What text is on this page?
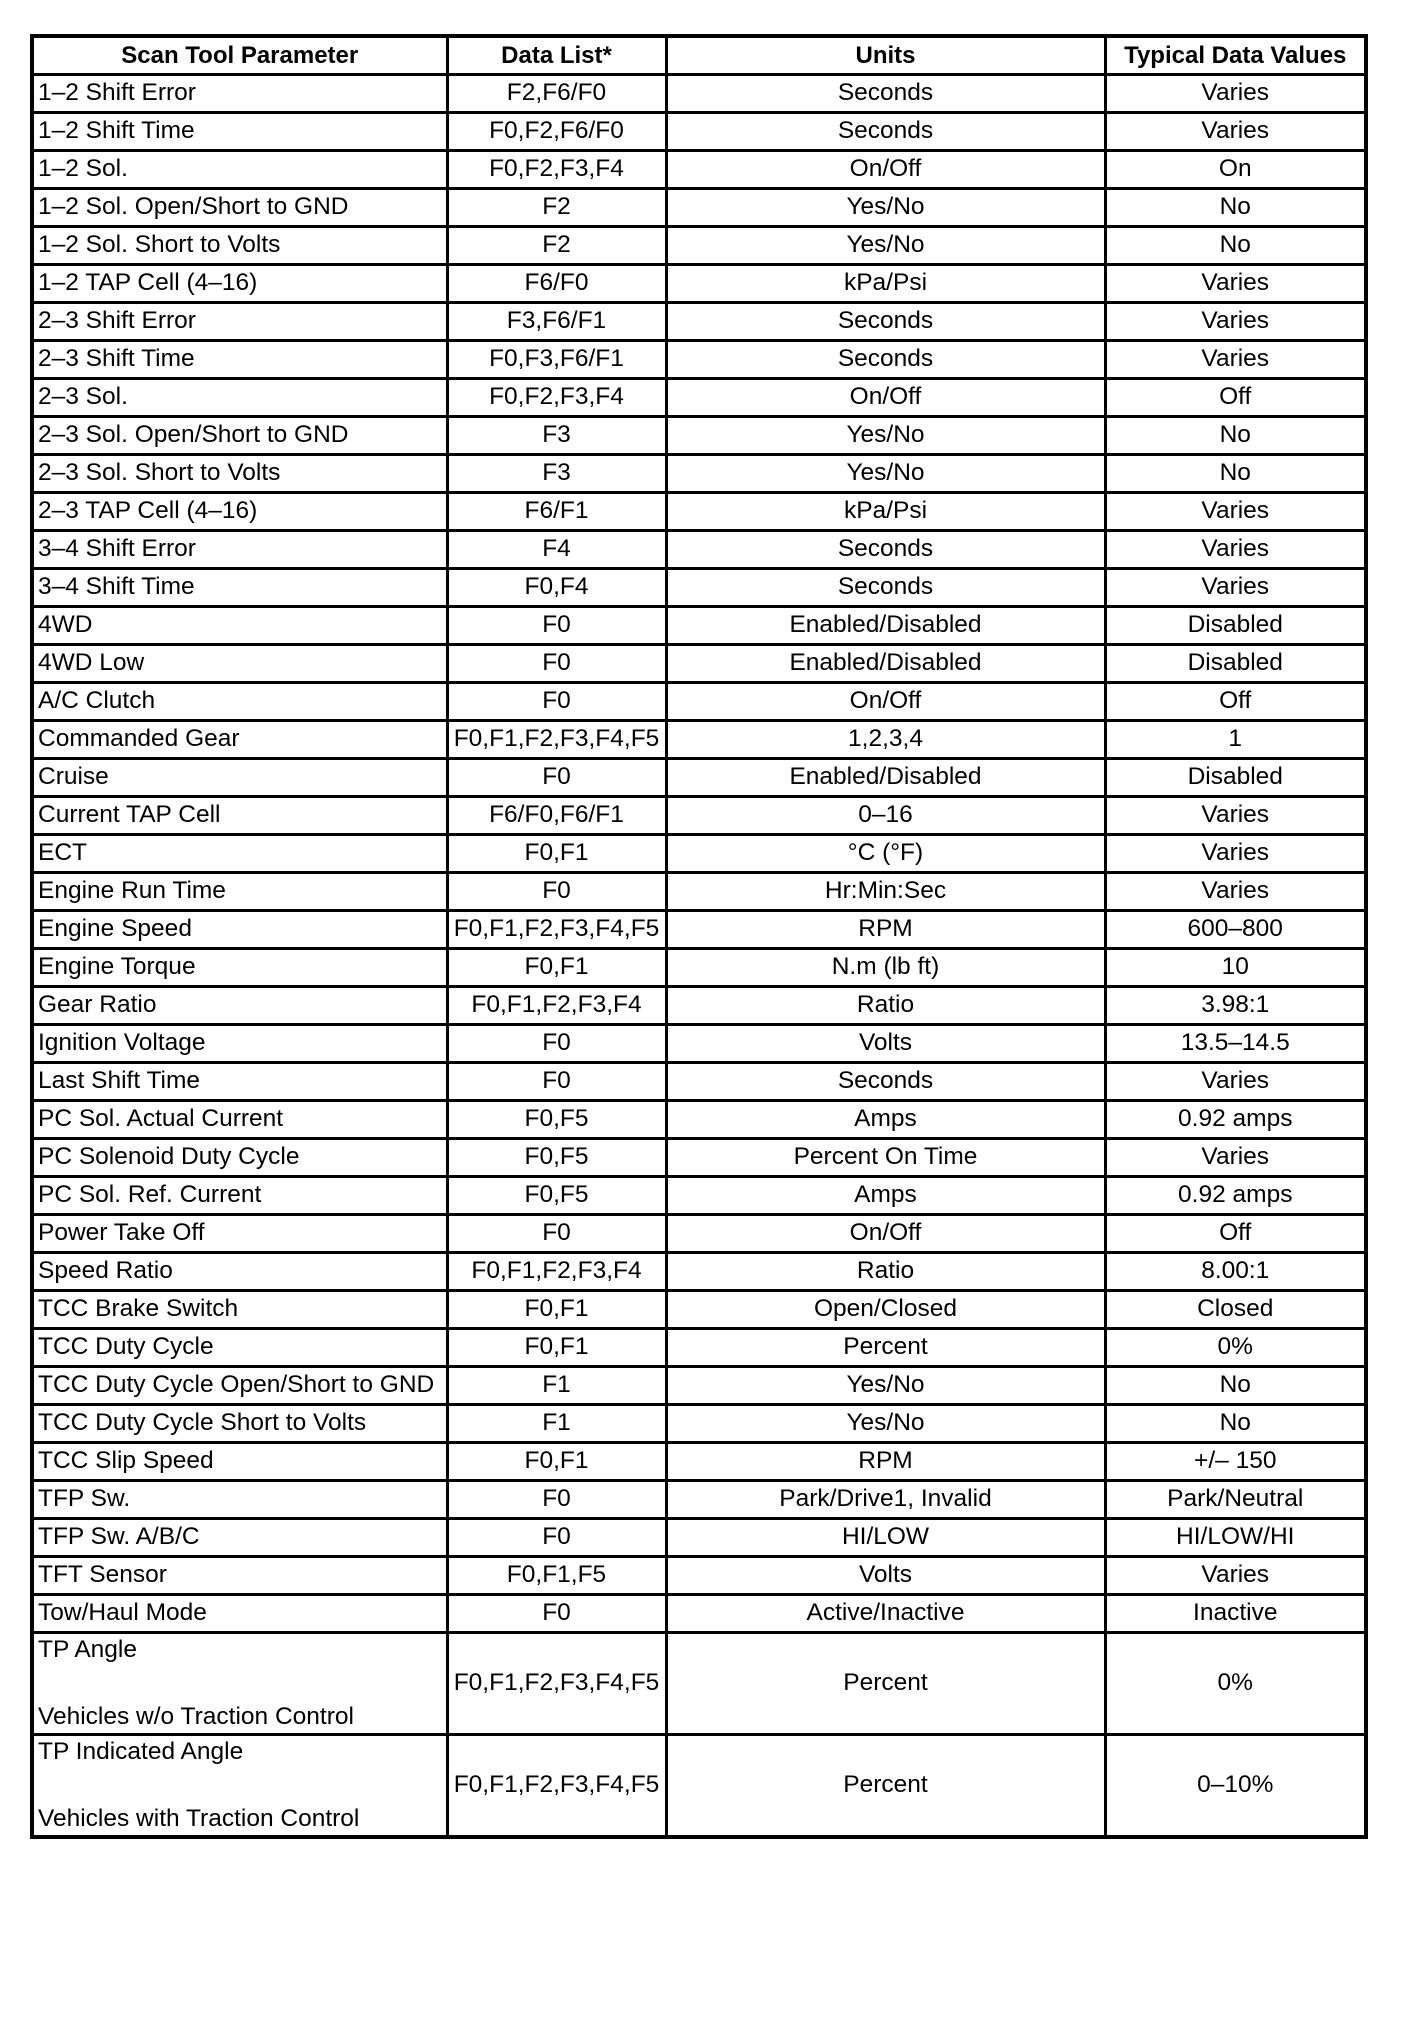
Scan Tool Parameter	Data List*	Units	Typical Data Values
1–2 Shift Error	F2,F6/F0	Seconds	Varies
1–2 Shift Time	F0,F2,F6/F0	Seconds	Varies
1–2 Sol.	F0,F2,F3,F4	On/Off	On
1–2 Sol. Open/Short to GND	F2	Yes/No	No
1–2 Sol. Short to Volts	F2	Yes/No	No
1–2 TAP Cell (4–16)	F6/F0	kPa/Psi	Varies
2–3 Shift Error	F3,F6/F1	Seconds	Varies
2–3 Shift Time	F0,F3,F6/F1	Seconds	Varies
2–3 Sol.	F0,F2,F3,F4	On/Off	Off
2–3 Sol. Open/Short to GND	F3	Yes/No	No
2–3 Sol. Short to Volts	F3	Yes/No	No
2–3 TAP Cell (4–16)	F6/F1	kPa/Psi	Varies
3–4 Shift Error	F4	Seconds	Varies
3–4 Shift Time	F0,F4	Seconds	Varies
4WD	F0	Enabled/Disabled	Disabled
4WD Low	F0	Enabled/Disabled	Disabled
A/C Clutch	F0	On/Off	Off
Commanded Gear	F0,F1,F2,F3,F4,F5	1,2,3,4	1
Cruise	F0	Enabled/Disabled	Disabled
Current TAP Cell	F6/F0,F6/F1	0–16	Varies
ECT	F0,F1	°C (°F)	Varies
Engine Run Time	F0	Hr:Min:Sec	Varies
Engine Speed	F0,F1,F2,F3,F4,F5	RPM	600–800
Engine Torque	F0,F1	N.m (lb ft)	10
Gear Ratio	F0,F1,F2,F3,F4	Ratio	3.98:1
Ignition Voltage	F0	Volts	13.5–14.5
Last Shift Time	F0	Seconds	Varies
PC Sol. Actual Current	F0,F5	Amps	0.92 amps
PC Solenoid Duty Cycle	F0,F5	Percent On Time	Varies
PC Sol. Ref. Current	F0,F5	Amps	0.92 amps
Power Take Off	F0	On/Off	Off
Speed Ratio	F0,F1,F2,F3,F4	Ratio	8.00:1
TCC Brake Switch	F0,F1	Open/Closed	Closed
TCC Duty Cycle	F0,F1	Percent	0%
TCC Duty Cycle Open/Short to GND	F1	Yes/No	No
TCC Duty Cycle Short to Volts	F1	Yes/No	No
TCC Slip Speed	F0,F1	RPM	+/– 150
TFP Sw.	F0	Park/Drive1, Invalid	Park/Neutral
TFP Sw. A/B/C	F0	HI/LOW	HI/LOW/HI
TFT Sensor	F0,F1,F5	Volts	Varies
Tow/Haul Mode	F0	Active/Inactive	Inactive

TP Angle
Vehicles w/o Traction Control	F0,F1,F2,F3,F4,F5	Percent	0%

TP Indicated Angle
Vehicles with Traction Control	F0,F1,F2,F3,F4,F5	Percent	0–10%
